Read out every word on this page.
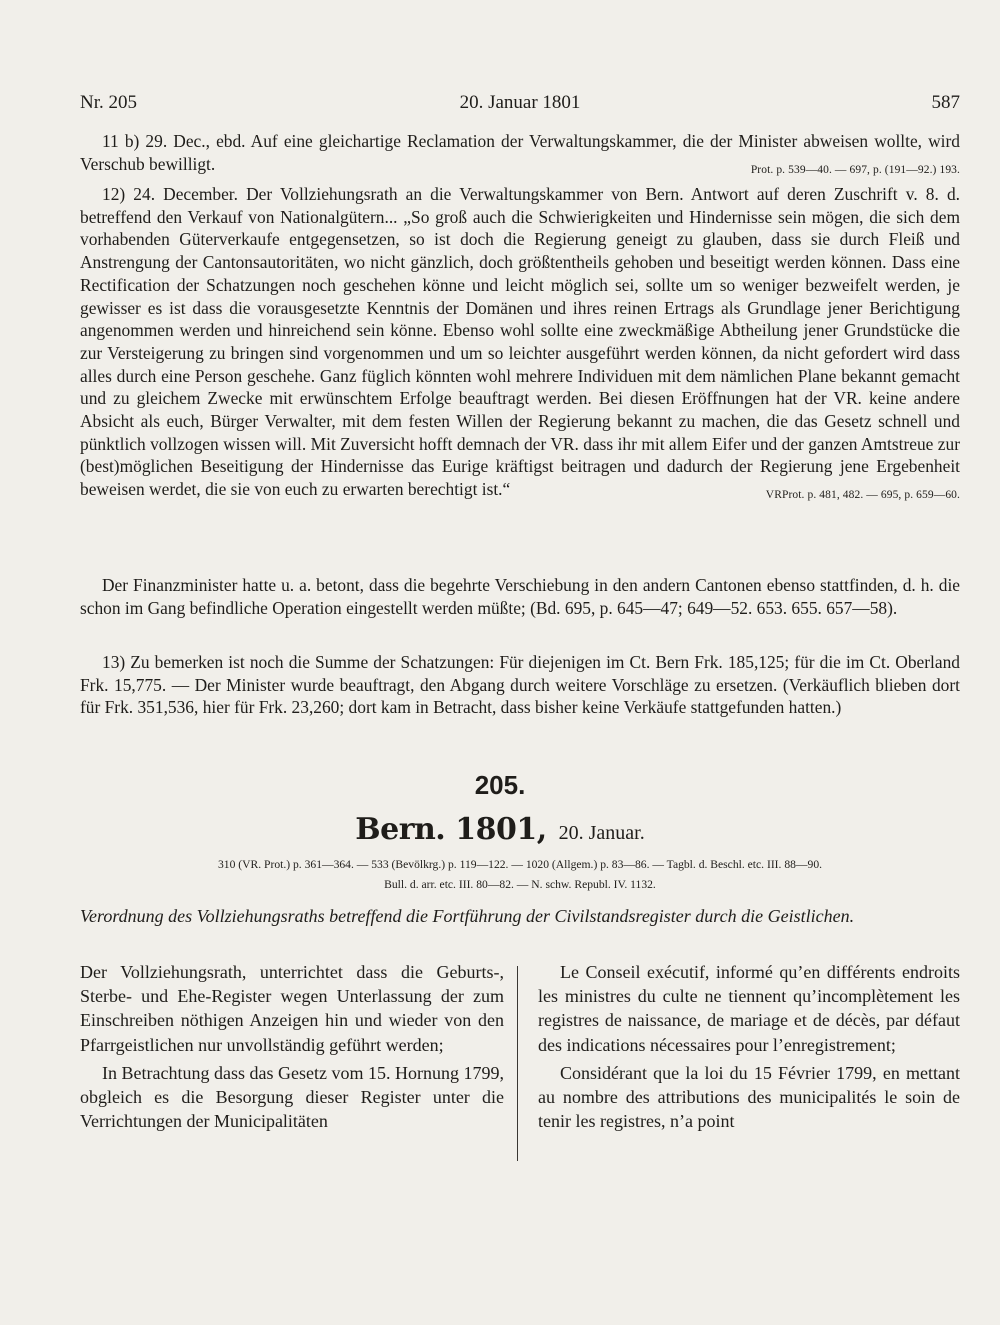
Nr. 205	20. Januar 1801	587

11 b) 29. Dec., ebd. Auf eine gleichartige Reclamation der Verwaltungskammer, die der Minister abweisen wollte, wird Verschub bewilligt.	Prot. p. 539—40. — 697, p. (191—92.) 193.

12) 24. December. Der Vollziehungsrath an die Verwaltungskammer von Bern. Antwort auf deren Zuschrift v. 8. d. betreffend den Verkauf von Nationalgütern... „So groß auch die Schwierigkeiten und Hindernisse sein mögen, die sich dem vorhabenden Güterverkaufe entgegensetzen, so ist doch die Regierung geneigt zu glauben, dass sie durch Fleiß und Anstrengung der Cantonsautoritäten, wo nicht gänzlich, doch größtentheils gehoben und beseitigt werden können. Dass eine Rectification der Schatzungen noch geschehen könne und leicht möglich sei, sollte um so weniger bezweifelt werden, je gewisser es ist dass die vorausgesetzte Kenntnis der Domänen und ihres reinen Ertrags als Grundlage jener Berichtigung angenommen werden und hinreichend sein könne. Ebenso wohl sollte eine zweckmäßige Abtheilung jener Grundstücke die zur Versteigerung zu bringen sind vorgenommen und um so leichter ausgeführt werden können, da nicht gefordert wird dass alles durch eine Person geschehe. Ganz füglich könnten wohl mehrere Individuen mit dem nämlichen Plane bekannt gemacht und zu gleichem Zwecke mit erwünschtem Erfolge beauftragt werden. Bei diesen Eröffnungen hat der VR. keine andere Absicht als euch, Bürger Verwalter, mit dem festen Willen der Regierung bekannt zu machen, die das Gesetz schnell und pünktlich vollzogen wissen will. Mit Zuversicht hofft demnach der VR. dass ihr mit allem Eifer und der ganzen Amtstreue zur (best)möglichen Beseitigung der Hindernisse das Eurige kräftigst beitragen und dadurch der Regierung jene Ergebenheit beweisen werdet, die sie von euch zu erwarten berechtigt ist.“	VRProt. p. 481, 482. — 695, p. 659—60.

Der Finanzminister hatte u. a. betont, dass die begehrte Verschiebung in den andern Cantonen ebenso stattfinden, d. h. die schon im Gang befindliche Operation eingestellt werden müßte; (Bd. 695, p. 645—47; 649—52. 653. 655. 657—58).

13) Zu bemerken ist noch die Summe der Schatzungen: Für diejenigen im Ct. Bern Frk. 185,125; für die im Ct. Oberland Frk. 15,775. — Der Minister wurde beauftragt, den Abgang durch weitere Vorschläge zu ersetzen. (Verkäuflich blieben dort für Frk. 351,536, hier für Frk. 23,260; dort kam in Betracht, dass bisher keine Verkäufe stattgefunden hatten.)

205.
Bern. 1801, 20. Januar.
310 (VR. Prot.) p. 361—364. — 533 (Bevölkrg.) p. 119—122. — 1020 (Allgem.) p. 83—86. — Tagbl. d. Beschl. etc. III. 88—90.
Bull. d. arr. etc. III. 80—82. — N. schw. Republ. IV. 1132.
Verordnung des Vollziehungsraths betreffend die Fortführung der Civilstandsregister durch die Geistlichen.

Der Vollziehungsrath, unterrichtet dass die Geburts-, Sterbe- und Ehe-Register wegen Unterlassung der zum Einschreiben nöthigen Anzeigen hin und wieder von den Pfarrgeistlichen nur unvollständig geführt werden;

In Betrachtung dass das Gesetz vom 15. Hornung 1799, obgleich es die Besorgung dieser Register unter die Verrichtungen der Municipalitäten

Le Conseil exécutif, informé qu’en différents endroits les ministres du culte ne tiennent qu’incomplètement les registres de naissance, de mariage et de décès, par défaut des indications nécessaires pour l’enregistrement;

Considérant que la loi du 15 Février 1799, en mettant au nombre des attributions des municipalités le soin de tenir les registres, n’a point
